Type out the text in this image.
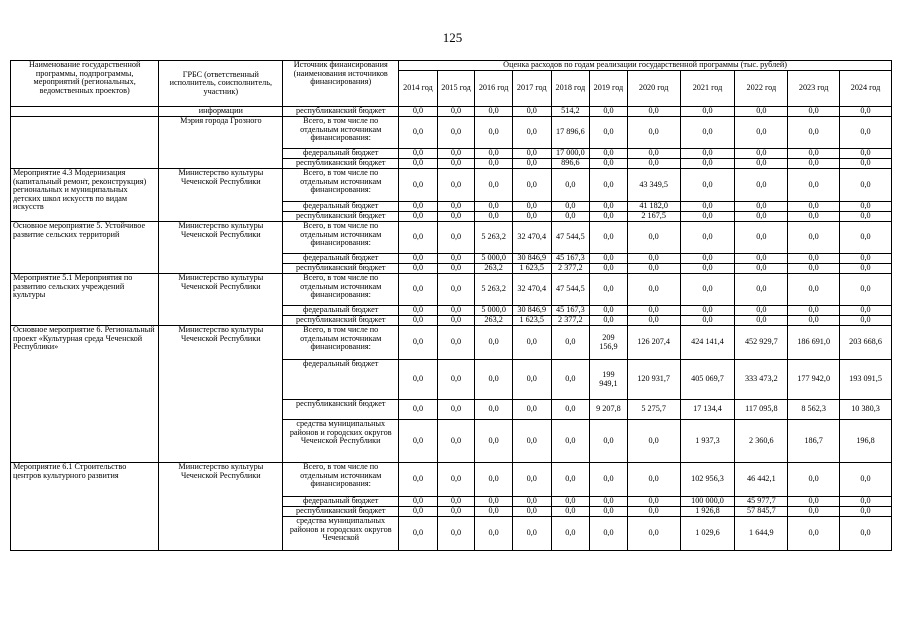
125
Наименование государственной программы, подпрограммы, мероприятий (региональных, ведомственных проектов)	ГРБС (ответственный исполнитель, соисполнитель, участник)	Источник финансирования (наименования источников финансирования)	Оценка расходов по годам реализации государственной программы (тыс. рублей)										
			2014 год	2015 год	2016 год	2017 год	2018 год	2019 год	2020 год	2021 год	2022 год	2023 год	2024 год
	информации	республиканский бюджет	0,0	0,0	0,0	0,0	514,2	0,0	0,0	0,0	0,0	0,0	0,0
	Мэрия города Грозного	Всего, в том числе по отдельным источникам финансирования:	0,0	0,0	0,0	0,0	17 896,6	0,0	0,0	0,0	0,0	0,0	0,0
		федеральный бюджет	0,0	0,0	0,0	0,0	17 000,0	0,0	0,0	0,0	0,0	0,0	0,0
		республиканский бюджет	0,0	0,0	0,0	0,0	896,6	0,0	0,0	0,0	0,0	0,0	0,0
Мероприятие 4.3 Модернизация (капитальный ремонт, реконструкция) региональных и муниципальных детских школ искусств по видам искусств	Министерство культуры Чеченской Республики	Всего, в том числе по отдельным источникам финансирования:	0,0	0,0	0,0	0,0	0,0	0,0	43 349,5	0,0	0,0	0,0	0,0
		федеральный бюджет	0,0	0,0	0,0	0,0	0,0	0,0	41 182,0	0,0	0,0	0,0	0,0
		республиканский бюджет	0,0	0,0	0,0	0,0	0,0	0,0	2 167,5	0,0	0,0	0,0	0,0
Основное мероприятие 5. Устойчивое развитие сельских территорий	Министерство культуры Чеченской Республики	Всего, в том числе по отдельным источникам финансирования:	0,0	0,0	5 263,2	32 470,4	47 544,5	0,0	0,0	0,0	0,0	0,0	0,0
		федеральный бюджет	0,0	0,0	5 000,0	30 846,9	45 167,3	0,0	0,0	0,0	0,0	0,0	0,0
		республиканский бюджет	0,0	0,0	263,2	1 623,5	2 377,2	0,0	0,0	0,0	0,0	0,0	0,0
Мероприятие 5.1 Мероприятия по развитию сельских учреждений культуры	Министерство культуры Чеченской Республики	Всего, в том числе по отдельным источникам финансирования:	0,0	0,0	5 263,2	32 470,4	47 544,5	0,0	0,0	0,0	0,0	0,0	0,0
		федеральный бюджет	0,0	0,0	5 000,0	30 846,9	45 167,3	0,0	0,0	0,0	0,0	0,0	0,0
		республиканский бюджет	0,0	0,0	263,2	1 623,5	2 377,2	0,0	0,0	0,0	0,0	0,0	0,0
Основное мероприятие 6. Региональный проект «Культурная среда Чеченской Республики»	Министерство культуры Чеченской Республики	Всего, в том числе по отдельным источникам финансирования:	0,0	0,0	0,0	0,0	0,0	209 156,9	126 207,4	424 141,4	452 929,7	186 691,0	203 668,6
		федеральный бюджет	0,0	0,0	0,0	0,0	0,0	199 949,1	120 931,7	405 069,7	333 473,2	177 942,0	193 091,5
		республиканский бюджет	0,0	0,0	0,0	0,0	0,0	9 207,8	5 275,7	17 134,4	117 095,8	8 562,3	10 380,3
		средства муниципальных районов и городских округов Чеченской Республики	0,0	0,0	0,0	0,0	0,0	0,0	0,0	1 937,3	2 360,6	186,7	196,8
Мероприятие 6.1 Строительство центров культурного развития	Министерство культуры Чеченской Республики	Всего, в том числе по отдельным источникам финансирования:	0,0	0,0	0,0	0,0	0,0	0,0	0,0	102 956,3	46 442,1	0,0	0,0
		федеральный бюджет	0,0	0,0	0,0	0,0	0,0	0,0	0,0	100 000,0	45 977,7	0,0	0,0
		республиканский бюджет	0,0	0,0	0,0	0,0	0,0	0,0	0,0	1 926,8	57 845,7	0,0	0,0
		средства муниципальных районов и городских округов Чеченской	0,0	0,0	0,0	0,0	0,0	0,0	0,0	1 029,6	1 644,9	0,0	0,0
